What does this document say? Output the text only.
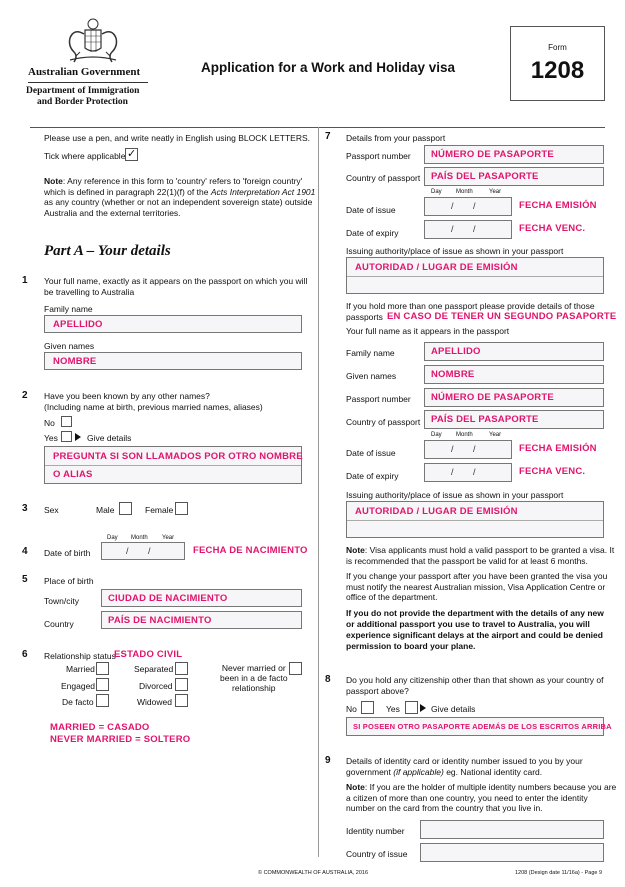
Australian Government
Department of Immigration
and Border Protection
Application for a Work and Holiday visa
Form
1208
Please use a pen, and write neatly in English using BLOCK LETTERS.
Tick where applicable ✓
Note: Any reference in this form to 'country' refers to 'foreign country'
which is defined in paragraph 22(1)(f) of the Acts Interpretation Act 1901
as any country (whether or not an independent sovereign state) outside
Australia and the external territories.
Part A – Your details
1 Your full name, exactly as it appears on the passport on which you will
be travelling to Australia
Family name
APELLIDO
Given names
NOMBRE
2 Have you been known by any other names?
(Including name at birth, previous married names, aliases)
No
Yes	Give details
PREGUNTA SI SON LLAMADOS POR OTRO NOMBRE
O ALIAS
3 Sex	Male	Female
Day Month Year
4 Date of birth	/ /	FECHA DE NACIMIENTO
5 Place of birth
Town/city	CIUDAD DE NACIMIENTO
Country	PAÍS DE NACIMIENTO
6 Relationship status
ESTADO CIVIL
Married
Engaged
De facto
Separated
Divorced
Widowed
Never married or
been in a de facto
relationship
MARRIED = CASADO
NEVER MARRIED = SOLTERO
7 Details from your passport
Passport number NÚMERO DE PASAPORTE
Country of passport PAÍS DEL PASAPORTE
Day Month	Year
Date of issue	/ /	FECHA EMISIÓN
Date of expiry	/ /	FECHA VENC.
Issuing authority/place of issue as shown in your passport
AUTORIDAD / LUGAR DE EMISIÓN
If you hold more than one passport please provide details of those
passports EN CASO DE TENER UN SEGUNDO PASAPORTE
Your full name as it appears in the passport
Family name	APELLIDO
Given names	NOMBRE
Passport number NÚMERO DE PASAPORTE
Country of passport PAÍS DEL PASAPORTE
Day Month	Year
Date of issue	/ /	FECHA EMISIÓN
Date of expiry	/ /	FECHA VENC.
Issuing authority/place of issue as shown in your passport
AUTORIDAD / LUGAR DE EMISIÓN
Note: Visa applicants must hold a valid passport to be granted a visa. It
is recommended that the passport be valid for at least 6 months.
If you change your passport after you have been granted the visa you
must notify the nearest Australian mission, Visa Application Centre or
office of the department.
If you do not provide the department with the details of any new
or additional passport you use to travel to Australia, you will
experience significant delays at the airport and could be denied
permission to board your plane.
8 Do you hold any citizenship other than that shown as your country of
passport above?
No	Yes	Give details
SI POSEEN OTRO PASAPORTE ADEMÁS DE LOS ESCRITOS ARRIBA
9 Details of identity card or identity number issued to you by your
government (if applicable) eg. National identity card.
Note: If you are the holder of multiple identity numbers because you are
a citizen of more than one country, you need to enter the identity
number on the card from the country that you live in.
Identity number
Country of issue
© COMMONWEALTH OF AUSTRALIA, 2016	1208 (Design date 11/16a) - Page 9
